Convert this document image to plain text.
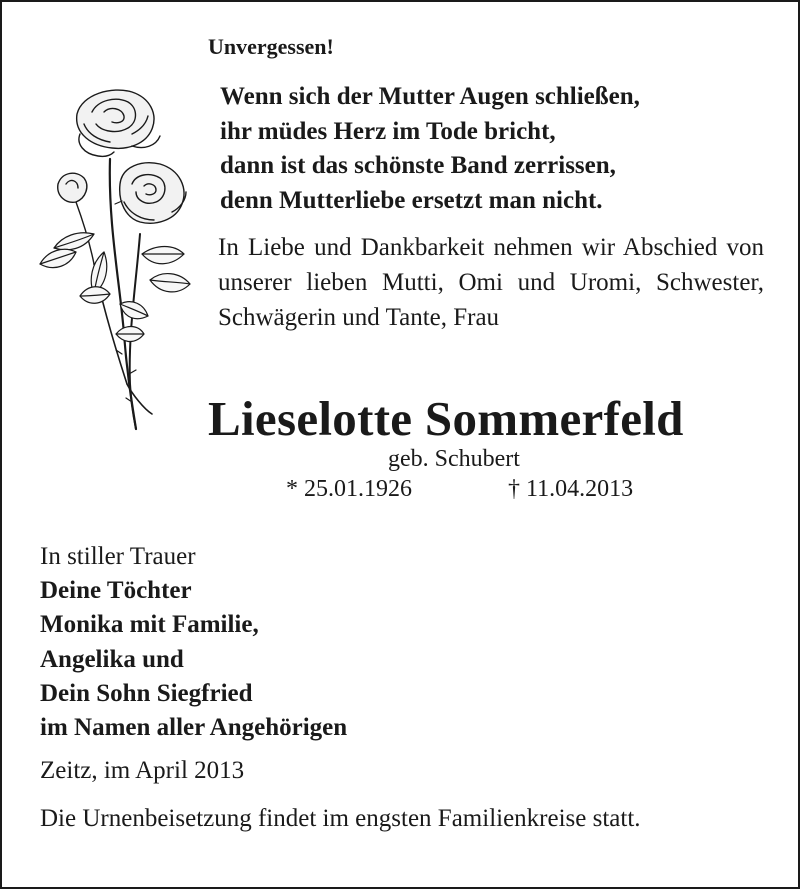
Unvergessen!
Wenn sich der Mutter Augen schließen,
ihr müdes Herz im Tode bricht,
dann ist das schönste Band zerrissen,
denn Mutterliebe ersetzt man nicht.
In Liebe und Dankbarkeit nehmen wir Abschied von unserer lieben Mutti, Omi und Uromi, Schwester, Schwägerin und Tante, Frau
Lieselotte Sommerfeld
geb. Schubert
* 25.01.1926	† 11.04.2013
In stiller Trauer
Deine Töchter
Monika mit Familie,
Angelika und
Dein Sohn Siegfried
im Namen aller Angehörigen
Zeitz, im April 2013
Die Urnenbeisetzung findet im engsten Familienkreise statt.
